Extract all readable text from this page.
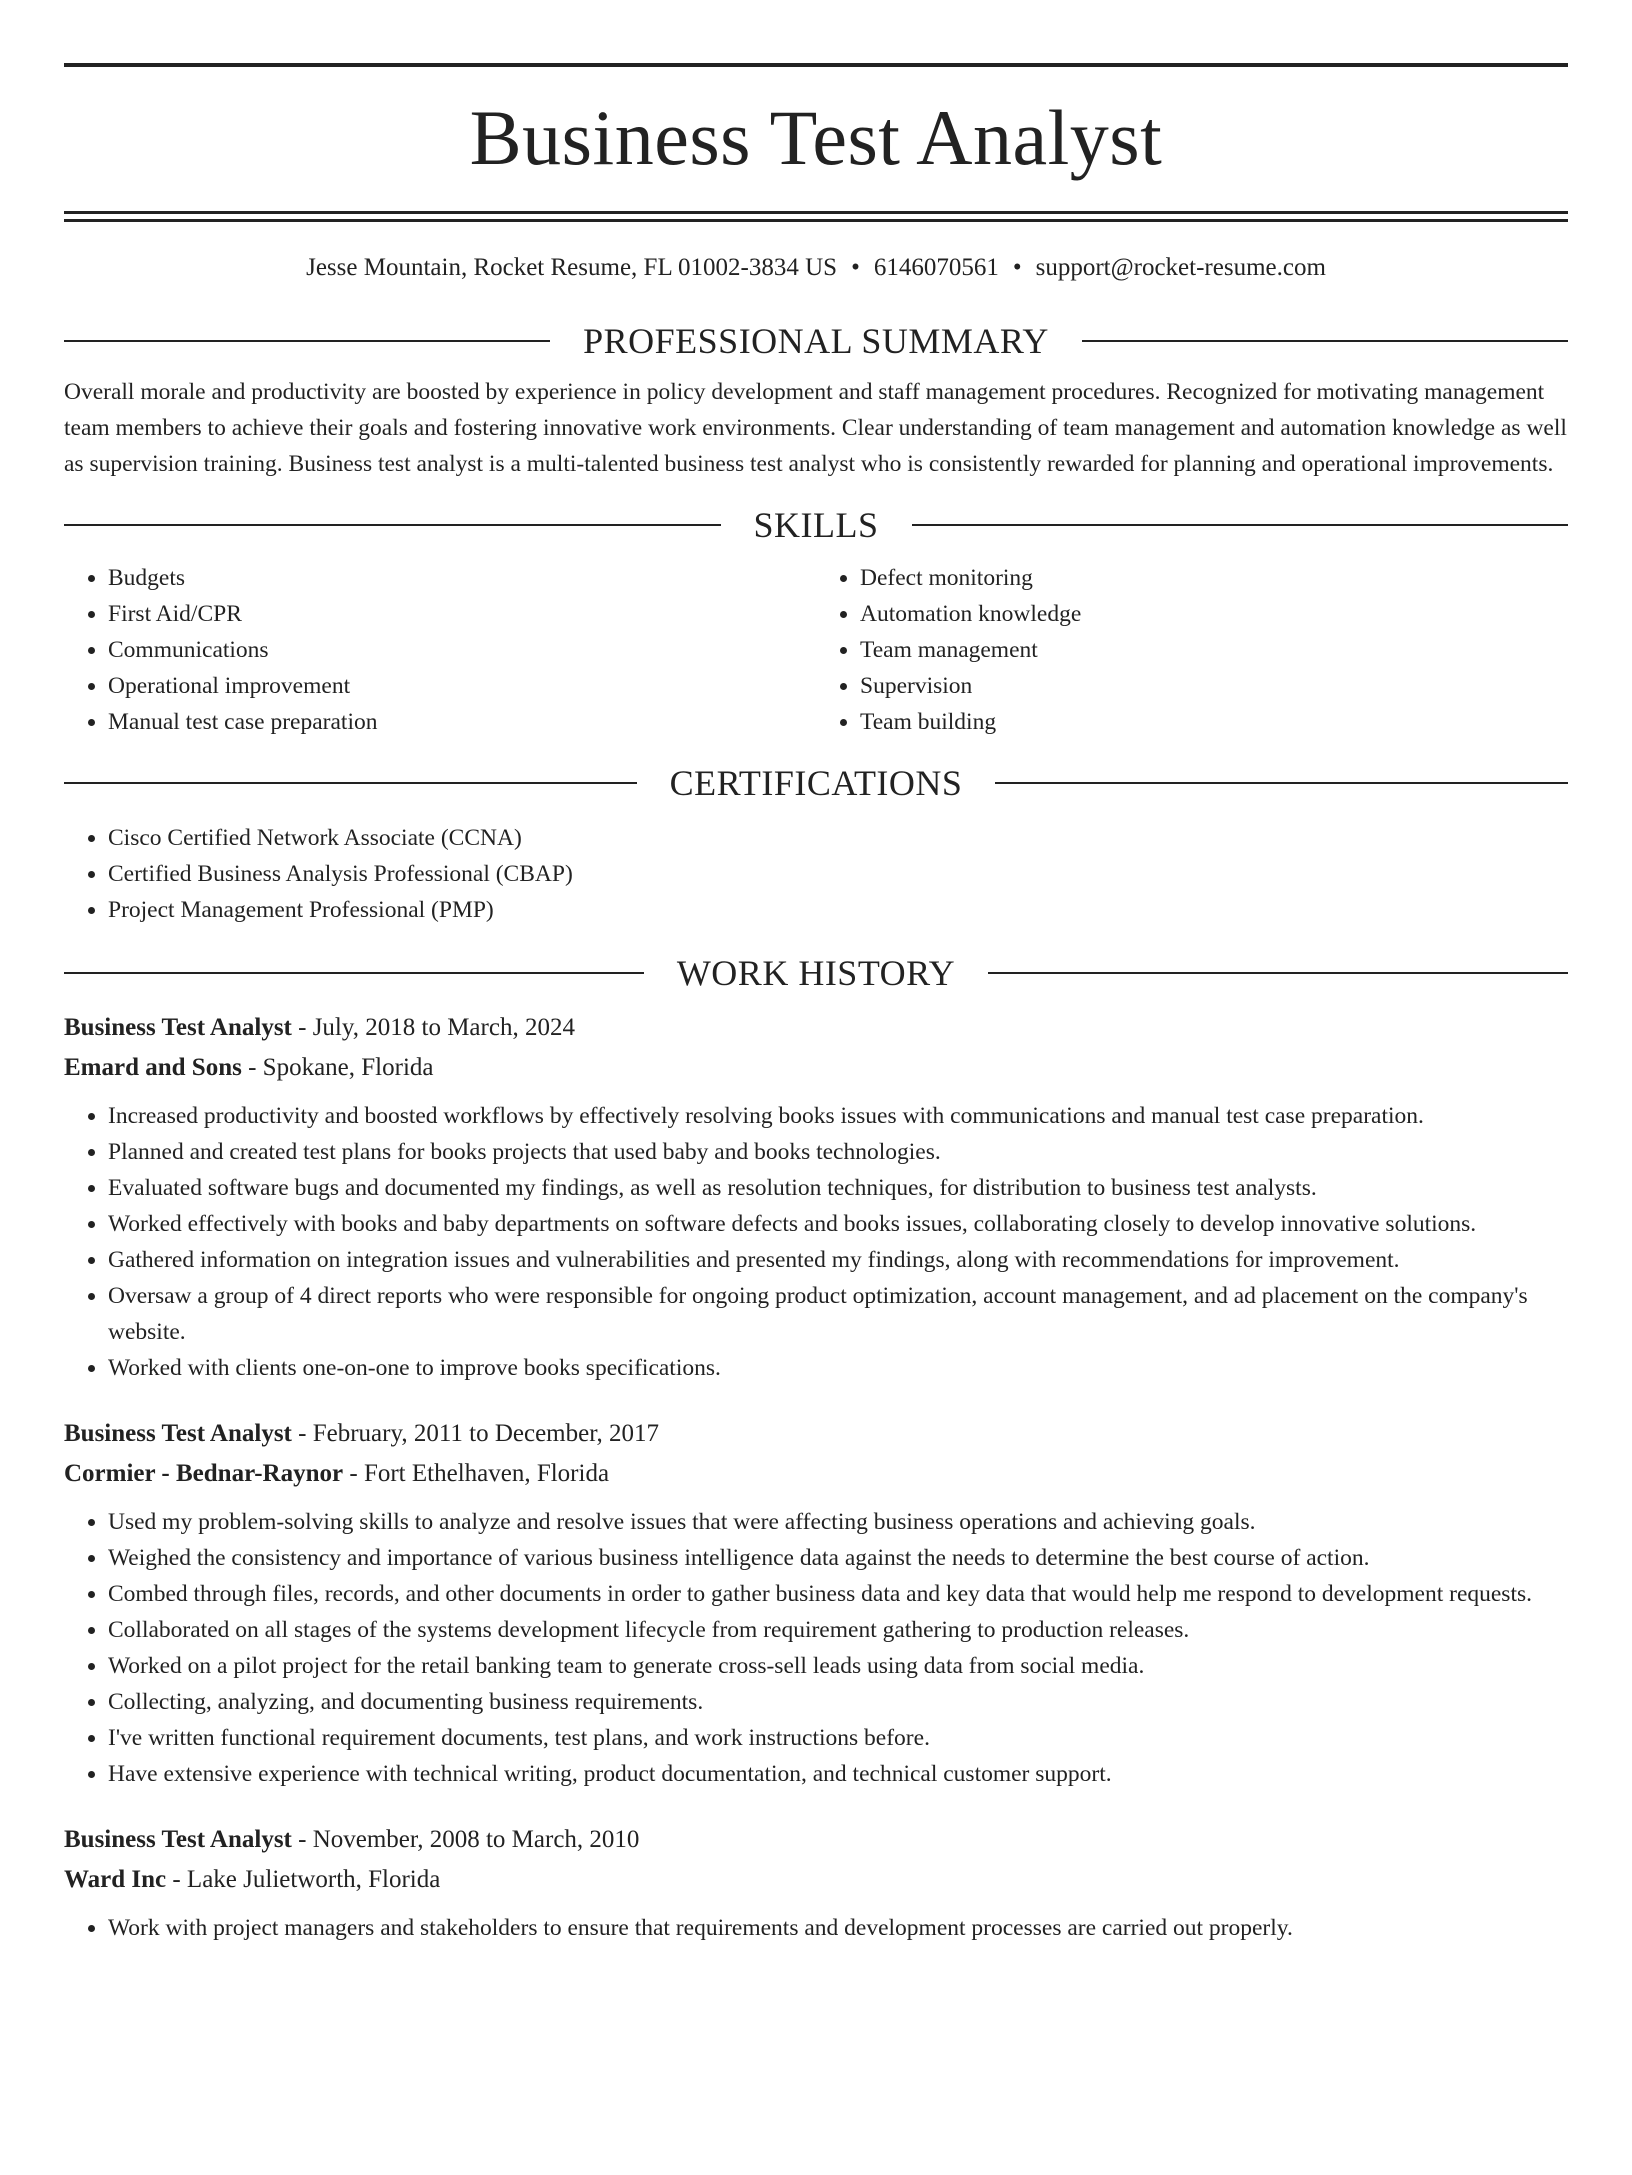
Business Test Analyst
Jesse Mountain, Rocket Resume, FL 01002-3834 US • 6146070561 • support@rocket-resume.com
PROFESSIONAL SUMMARY
Overall morale and productivity are boosted by experience in policy development and staff management procedures. Recognized for motivating management team members to achieve their goals and fostering innovative work environments. Clear understanding of team management and automation knowledge as well as supervision training. Business test analyst is a multi-talented business test analyst who is consistently rewarded for planning and operational improvements.
SKILLS
• Budgets
• First Aid/CPR
• Communications
• Operational improvement
• Manual test case preparation
• Defect monitoring
• Automation knowledge
• Team management
• Supervision
• Team building
CERTIFICATIONS
• Cisco Certified Network Associate (CCNA)
• Certified Business Analysis Professional (CBAP)
• Project Management Professional (PMP)
WORK HISTORY
Business Test Analyst - July, 2018 to March, 2024
Emard and Sons - Spokane, Florida
• Increased productivity and boosted workflows by effectively resolving books issues with communications and manual test case preparation.
• Planned and created test plans for books projects that used baby and books technologies.
• Evaluated software bugs and documented my findings, as well as resolution techniques, for distribution to business test analysts.
• Worked effectively with books and baby departments on software defects and books issues, collaborating closely to develop innovative solutions.
• Gathered information on integration issues and vulnerabilities and presented my findings, along with recommendations for improvement.
• Oversaw a group of 4 direct reports who were responsible for ongoing product optimization, account management, and ad placement on the company's website.
• Worked with clients one-on-one to improve books specifications.
Business Test Analyst - February, 2011 to December, 2017
Cormier - Bednar-Raynor - Fort Ethelhaven, Florida
• Used my problem-solving skills to analyze and resolve issues that were affecting business operations and achieving goals.
• Weighed the consistency and importance of various business intelligence data against the needs to determine the best course of action.
• Combed through files, records, and other documents in order to gather business data and key data that would help me respond to development requests.
• Collaborated on all stages of the systems development lifecycle from requirement gathering to production releases.
• Worked on a pilot project for the retail banking team to generate cross-sell leads using data from social media.
• Collecting, analyzing, and documenting business requirements.
• I've written functional requirement documents, test plans, and work instructions before.
• Have extensive experience with technical writing, product documentation, and technical customer support.
Business Test Analyst - November, 2008 to March, 2010
Ward Inc - Lake Julietworth, Florida
• Work with project managers and stakeholders to ensure that requirements and development processes are carried out properly.
